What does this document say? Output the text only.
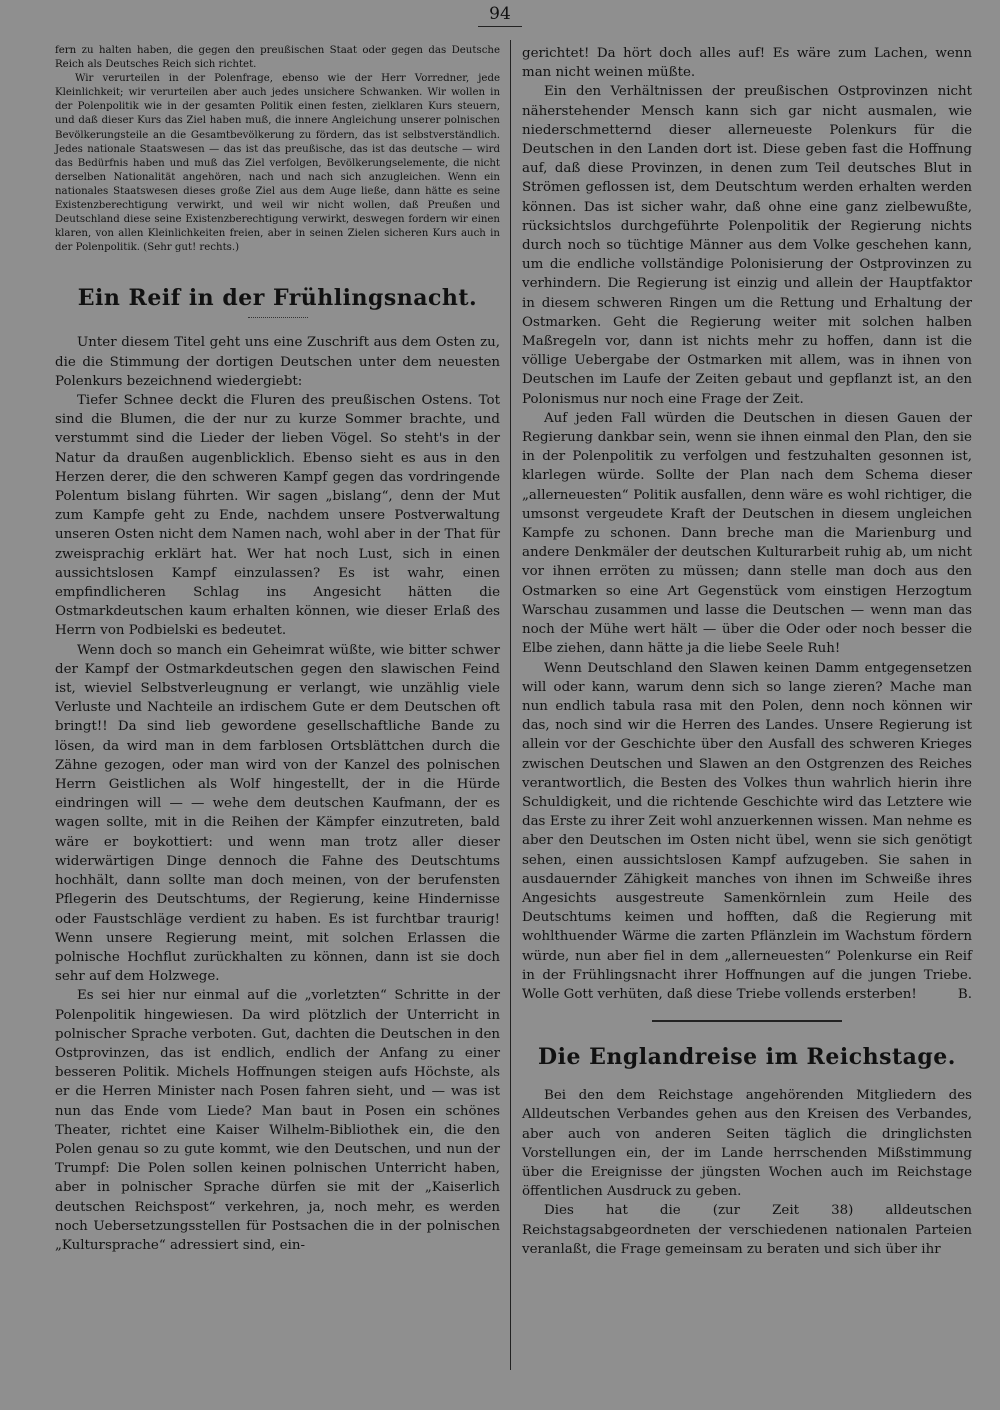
94

fern zu halten haben, die gegen den preußischen Staat oder gegen das Deutsche Reich als Deutsches Reich sich richtet.

Wir verurteilen in der Polenfrage, ebenso wie der Herr Vorredner, jede Kleinlichkeit; wir verurteilen aber auch jedes unsichere Schwanken. Wir wollen in der Polenpolitik wie in der gesamten Politik einen festen, zielklaren Kurs steuern, und daß dieser Kurs das Ziel haben muß, die innere Angleichung unserer polnischen Bevölkerungsteile an die Gesamtbevölkerung zu fördern, das ist selbstverständlich. Jedes nationale Staatswesen — das ist das preußische, das ist das deutsche — wird das Bedürfnis haben und muß das Ziel verfolgen, Bevölkerungselemente, die nicht derselben Nationalität angehören, nach und nach sich anzugleichen. Wenn ein nationales Staatswesen dieses große Ziel aus dem Auge ließe, dann hätte es seine Existenzberechtigung verwirkt, und weil wir nicht wollen, daß Preußen und Deutschland diese seine Existenzberechtigung verwirkt, deswegen fordern wir einen klaren, von allen Kleinlichkeiten freien, aber in seinen Zielen sicheren Kurs auch in der Polenpolitik. (Sehr gut! rechts.)

Ein Reif in der Frühlingsnacht.

Unter diesem Titel geht uns eine Zuschrift aus dem Osten zu, die die Stimmung der dortigen Deutschen unter dem neuesten Polenkurs bezeichnend wiedergiebt:

Tiefer Schnee deckt die Fluren des preußischen Ostens. Tot sind die Blumen, die der nur zu kurze Sommer brachte, und verstummt sind die Lieder der lieben Vögel. So steht's in der Natur da draußen augenblicklich. Ebenso sieht es aus in den Herzen derer, die den schweren Kampf gegen das vordringende Polentum bislang führten. Wir sagen „bislang“, denn der Mut zum Kampfe geht zu Ende, nachdem unsere Postverwaltung unseren Osten nicht dem Namen nach, wohl aber in der That für zweisprachig erklärt hat. Wer hat noch Lust, sich in einen aussichtslosen Kampf einzulassen? Es ist wahr, einen empfindlicheren Schlag ins Angesicht hätten die Ostmarkdeutschen kaum erhalten können, wie dieser Erlaß des Herrn von Podbielski es bedeutet.

Wenn doch so manch ein Geheimrat wüßte, wie bitter schwer der Kampf der Ostmarkdeutschen gegen den slawischen Feind ist, wieviel Selbstverleugnung er verlangt, wie unzählig viele Verluste und Nachteile an irdischem Gute er dem Deutschen oft bringt!! Da sind lieb gewordene gesellschaftliche Bande zu lösen, da wird man in dem farblosen Ortsblättchen durch die Zähne gezogen, oder man wird von der Kanzel des polnischen Herrn Geistlichen als Wolf hingestellt, der in die Hürde eindringen will — — wehe dem deutschen Kaufmann, der es wagen sollte, mit in die Reihen der Kämpfer einzutreten, bald wäre er boykottiert: und wenn man trotz aller dieser widerwärtigen Dinge dennoch die Fahne des Deutschtums hochhält, dann sollte man doch meinen, von der berufensten Pflegerin des Deutschtums, der Regierung, keine Hindernisse oder Faustschläge verdient zu haben. Es ist furchtbar traurig! Wenn unsere Regierung meint, mit solchen Erlassen die polnische Hochflut zurückhalten zu können, dann ist sie doch sehr auf dem Holzwege.

Es sei hier nur einmal auf die „vorletzten“ Schritte in der Polenpolitik hingewiesen. Da wird plötzlich der Unterricht in polnischer Sprache verboten. Gut, dachten die Deutschen in den Ostprovinzen, das ist endlich, endlich der Anfang zu einer besseren Politik. Michels Hoffnungen steigen aufs Höchste, als er die Herren Minister nach Posen fahren sieht, und — was ist nun das Ende vom Liede? Man baut in Posen ein schönes Theater, richtet eine Kaiser Wilhelm-Bibliothek ein, die den Polen genau so zu gute kommt, wie den Deutschen, und nun der Trumpf: Die Polen sollen keinen polnischen Unterricht haben, aber in polnischer Sprache dürfen sie mit der „Kaiserlich deutschen Reichspost“ verkehren, ja, noch mehr, es werden noch Uebersetzungsstellen für Postsachen die in der polnischen „Kultursprache“ adressiert sind, ein-

gerichtet! Da hört doch alles auf! Es wäre zum Lachen, wenn man nicht weinen müßte.

Ein den Verhältnissen der preußischen Ostprovinzen nicht näherstehender Mensch kann sich gar nicht ausmalen, wie niederschmetternd dieser allerneueste Polenkurs für die Deutschen in den Landen dort ist. Diese geben fast die Hoffnung auf, daß diese Provinzen, in denen zum Teil deutsches Blut in Strömen geflossen ist, dem Deutschtum werden erhalten werden können. Das ist sicher wahr, daß ohne eine ganz zielbewußte, rücksichtslos durchgeführte Polenpolitik der Regierung nichts durch noch so tüchtige Männer aus dem Volke geschehen kann, um die endliche vollständige Polonisierung der Ostprovinzen zu verhindern. Die Regierung ist einzig und allein der Hauptfaktor in diesem schweren Ringen um die Rettung und Erhaltung der Ostmarken. Geht die Regierung weiter mit solchen halben Maßregeln vor, dann ist nichts mehr zu hoffen, dann ist die völlige Uebergabe der Ostmarken mit allem, was in ihnen von Deutschen im Laufe der Zeiten gebaut und gepflanzt ist, an den Polonismus nur noch eine Frage der Zeit.

Auf jeden Fall würden die Deutschen in diesen Gauen der Regierung dankbar sein, wenn sie ihnen einmal den Plan, den sie in der Polenpolitik zu verfolgen und festzuhalten gesonnen ist, klarlegen würde. Sollte der Plan nach dem Schema dieser „allerneuesten“ Politik ausfallen, denn wäre es wohl richtiger, die umsonst vergeudete Kraft der Deutschen in diesem ungleichen Kampfe zu schonen. Dann breche man die Marienburg und andere Denkmäler der deutschen Kulturarbeit ruhig ab, um nicht vor ihnen erröten zu müssen; dann stelle man doch aus den Ostmarken so eine Art Gegenstück vom einstigen Herzogtum Warschau zusammen und lasse die Deutschen — wenn man das noch der Mühe wert hält — über die Oder oder noch besser die Elbe ziehen, dann hätte ja die liebe Seele Ruh!

Wenn Deutschland den Slawen keinen Damm entgegensetzen will oder kann, warum denn sich so lange zieren? Mache man nun endlich tabula rasa mit den Polen, denn noch können wir das, noch sind wir die Herren des Landes. Unsere Regierung ist allein vor der Geschichte über den Ausfall des schweren Krieges zwischen Deutschen und Slawen an den Ostgrenzen des Reiches verantwortlich, die Besten des Volkes thun wahrlich hierin ihre Schuldigkeit, und die richtende Geschichte wird das Letztere wie das Erste zu ihrer Zeit wohl anzuerkennen wissen. Man nehme es aber den Deutschen im Osten nicht übel, wenn sie sich genötigt sehen, einen aussichtslosen Kampf aufzugeben. Sie sahen in ausdauernder Zähigkeit manches von ihnen im Schweiße ihres Angesichts ausgestreute Samenkörnlein zum Heile des Deutschtums keimen und hofften, daß die Regierung mit wohlthuender Wärme die zarten Pflänzlein im Wachstum fördern würde, nun aber fiel in dem „allerneuesten“ Polenkurse ein Reif in der Frühlingsnacht ihrer Hoffnungen auf die jungen Triebe. Wolle Gott verhüten, daß diese Triebe vollends ersterben!	B.

Die Englandreise im Reichstage.

Bei den dem Reichstage angehörenden Mitgliedern des Alldeutschen Verbandes gehen aus den Kreisen des Verbandes, aber auch von anderen Seiten täglich die dringlichsten Vorstellungen ein, der im Lande herrschenden Mißstimmung über die Ereignisse der jüngsten Wochen auch im Reichstage öffentlichen Ausdruck zu geben.

Dies hat die (zur Zeit 38) alldeutschen Reichstagsabgeordneten der verschiedenen nationalen Parteien veranlaßt, die Frage gemeinsam zu beraten und sich über ihr
